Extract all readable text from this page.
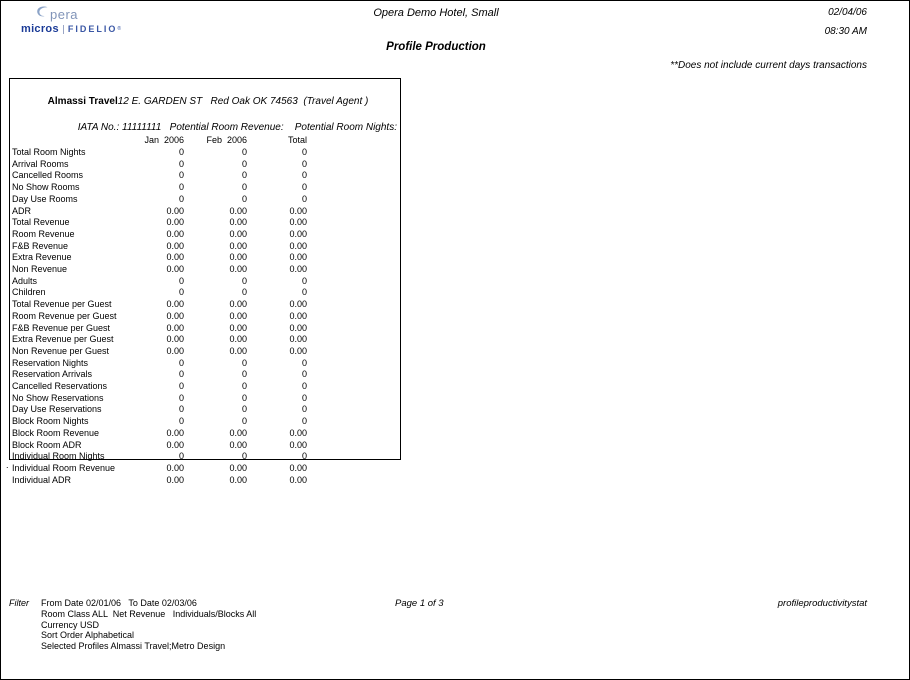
pera
micros FIDELIO ®
Opera Demo Hotel, Small
Profile Production
02/04/06
08:30 AM
**Does not include current days transactions

Almassi Travel12 E. GARDEN ST   Red Oak OK 74563  (Travel Agent )

IATA No.: 11111111   Potential Room Revenue:    Potential Room Nights:
Jan  2006	Feb  2006	Total
Total Room Nights	0	0	0
Arrival Rooms	0	0	0
Cancelled Rooms	0	0	0
No Show Rooms	0	0	0
Day Use Rooms	0	0	0
ADR	0.00	0.00	0.00
Total Revenue	0.00	0.00	0.00
Room Revenue	0.00	0.00	0.00
F&B Revenue	0.00	0.00	0.00
Extra Revenue	0.00	0.00	0.00
Non Revenue	0.00	0.00	0.00
Adults	0	0	0
Children	0	0	0
Total Revenue per Guest	0.00	0.00	0.00
Room Revenue per Guest	0.00	0.00	0.00
F&B Revenue per Guest	0.00	0.00	0.00
Extra Revenue per Guest	0.00	0.00	0.00
Non Revenue per Guest	0.00	0.00	0.00
Reservation Nights	0	0	0
Reservation Arrivals	0	0	0
Cancelled Reservations	0	0	0
No Show Reservations	0	0	0
Day Use Reservations	0	0	0
Block Room Nights	0	0	0
Block Room Revenue	0.00	0.00	0.00
Block Room ADR	0.00	0.00	0.00
Individual Room Nights	0	0	0
Individual Room Revenue	0.00	0.00	0.00
Individual ADR	0.00	0.00	0.00
.
Filter From Date 02/01/06   To Date 02/03/06
Room Class ALL  Net Revenue   Individuals/Blocks All
Currency USD
Sort Order Alphabetical
Selected Profiles Almassi Travel;Metro Design
Page 1 of 3	profileproductivitystat
